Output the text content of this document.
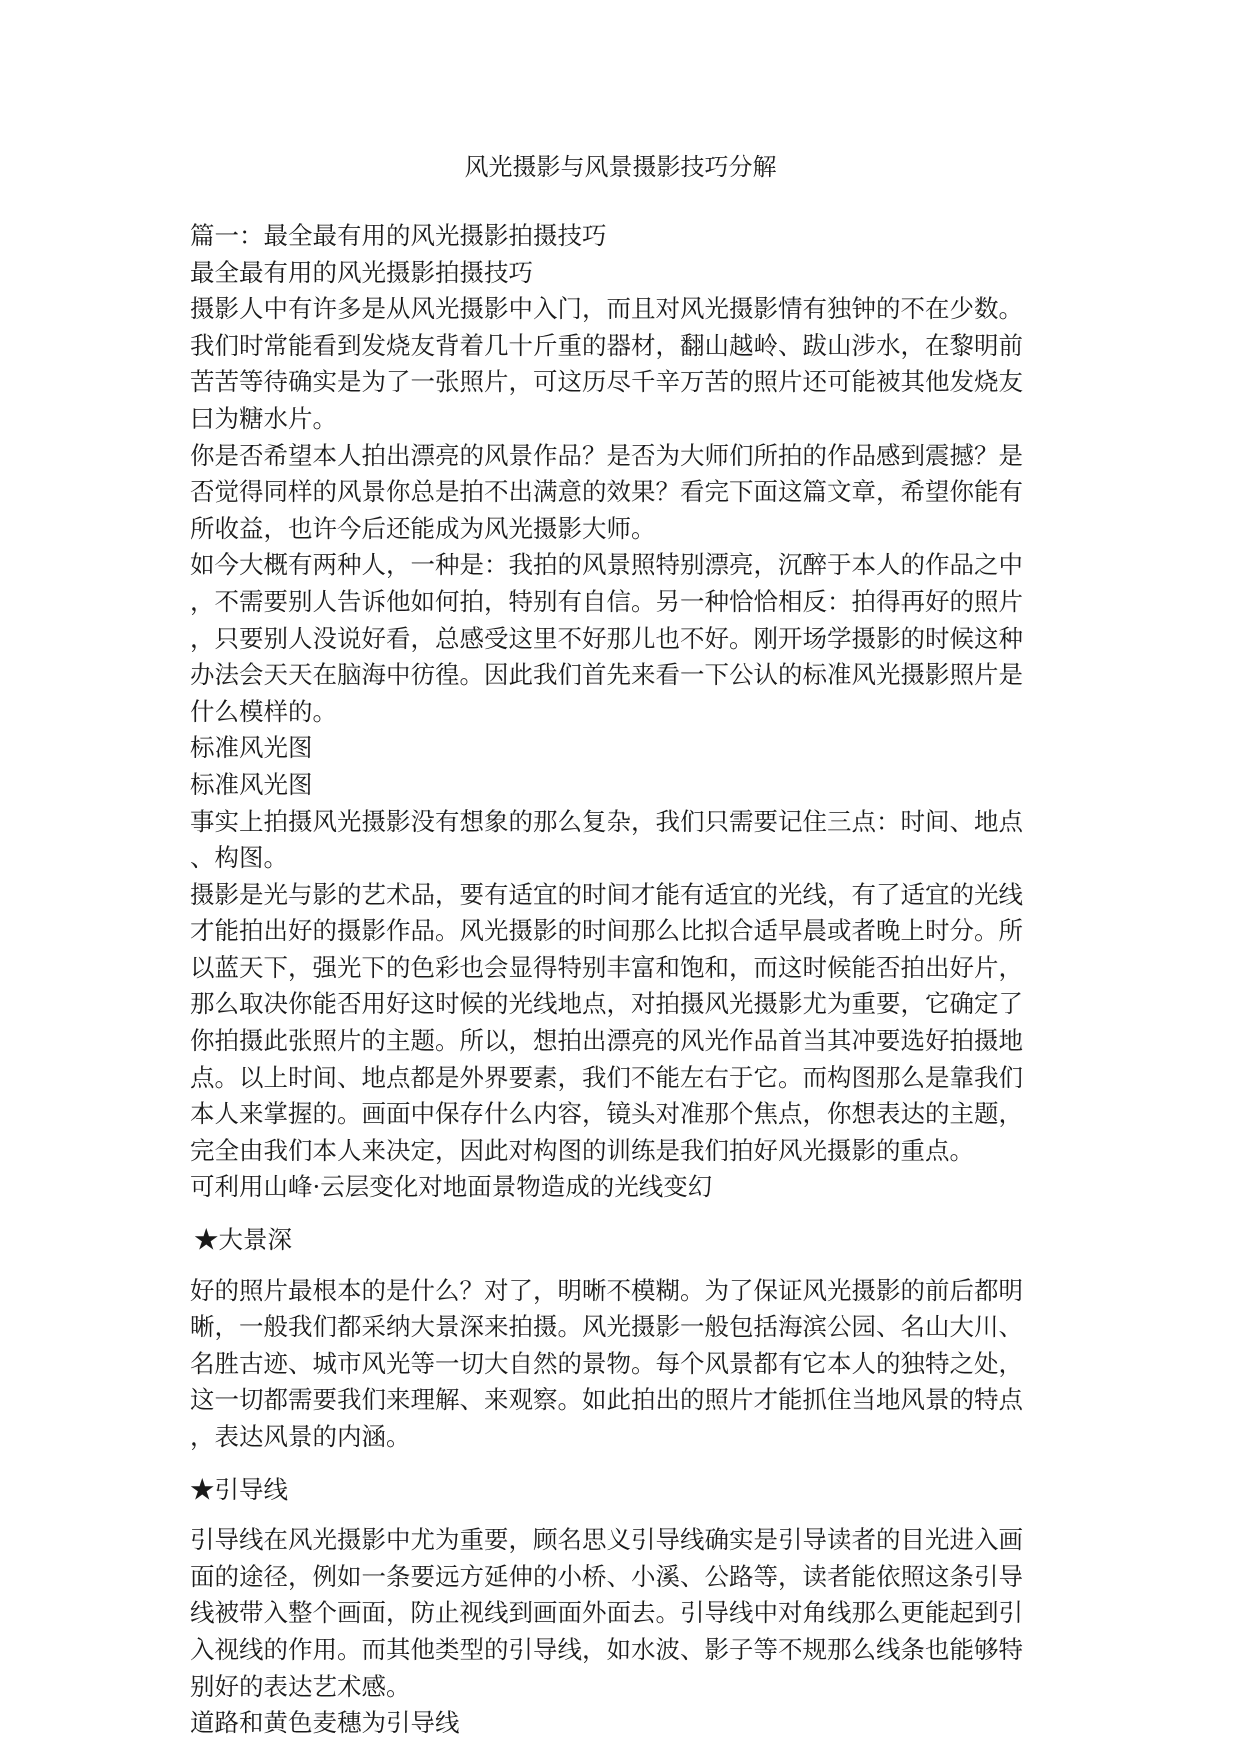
风光摄影与风景摄影技巧分解
篇一：最全最有用的风光摄影拍摄技巧
最全最有用的风光摄影拍摄技巧
摄影人中有许多是从风光摄影中入门，而且对风光摄影情有独钟的不在少数。
我们时常能看到发烧友背着几十斤重的器材，翻山越岭、跋山涉水，在黎明前
苦苦等待确实是为了一张照片，可这历尽千辛万苦的照片还可能被其他发烧友
曰为糖水片。
你是否希望本人拍出漂亮的风景作品？是否为大师们所拍的作品感到震撼？是
否觉得同样的风景你总是拍不出满意的效果？看完下面这篇文章，希望你能有
所收益，也许今后还能成为风光摄影大师。
如今大概有两种人，一种是：我拍的风景照特别漂亮，沉醉于本人的作品之中
，不需要别人告诉他如何拍，特别有自信。另一种恰恰相反：拍得再好的照片
，只要别人没说好看，总感受这里不好那儿也不好。刚开场学摄影的时候这种
办法会天天在脑海中彷徨。因此我们首先来看一下公认的标准风光摄影照片是
什么模样的。
标准风光图
标准风光图
事实上拍摄风光摄影没有想象的那么复杂，我们只需要记住三点：时间、地点
、构图。
摄影是光与影的艺术品，要有适宜的时间才能有适宜的光线，有了适宜的光线
才能拍出好的摄影作品。风光摄影的时间那么比拟合适早晨或者晚上时分。所
以蓝天下，强光下的色彩也会显得特别丰富和饱和，而这时候能否拍出好片，
那么取决你能否用好这时候的光线地点，对拍摄风光摄影尤为重要，它确定了
你拍摄此张照片的主题。所以，想拍出漂亮的风光作品首当其冲要选好拍摄地
点。以上时间、地点都是外界要素，我们不能左右于它。而构图那么是靠我们
本人来掌握的。画面中保存什么内容，镜头对准那个焦点，你想表达的主题，
完全由我们本人来决定，因此对构图的训练是我们拍好风光摄影的重点。
可利用山峰·云层变化对地面景物造成的光线变幻
★大景深
好的照片最根本的是什么？对了，明晰不模糊。为了保证风光摄影的前后都明
晰，一般我们都采纳大景深来拍摄。风光摄影一般包括海滨公园、名山大川、
名胜古迹、城市风光等一切大自然的景物。每个风景都有它本人的独特之处，
这一切都需要我们来理解、来观察。如此拍出的照片才能抓住当地风景的特点
，表达风景的内涵。
★引导线
引导线在风光摄影中尤为重要，顾名思义引导线确实是引导读者的目光进入画
面的途径，例如一条要远方延伸的小桥、小溪、公路等，读者能依照这条引导
线被带入整个画面，防止视线到画面外面去。引导线中对角线那么更能起到引
入视线的作用。而其他类型的引导线，如水波、影子等不规那么线条也能够特
别好的表达艺术感。
道路和黄色麦穗为引导线
